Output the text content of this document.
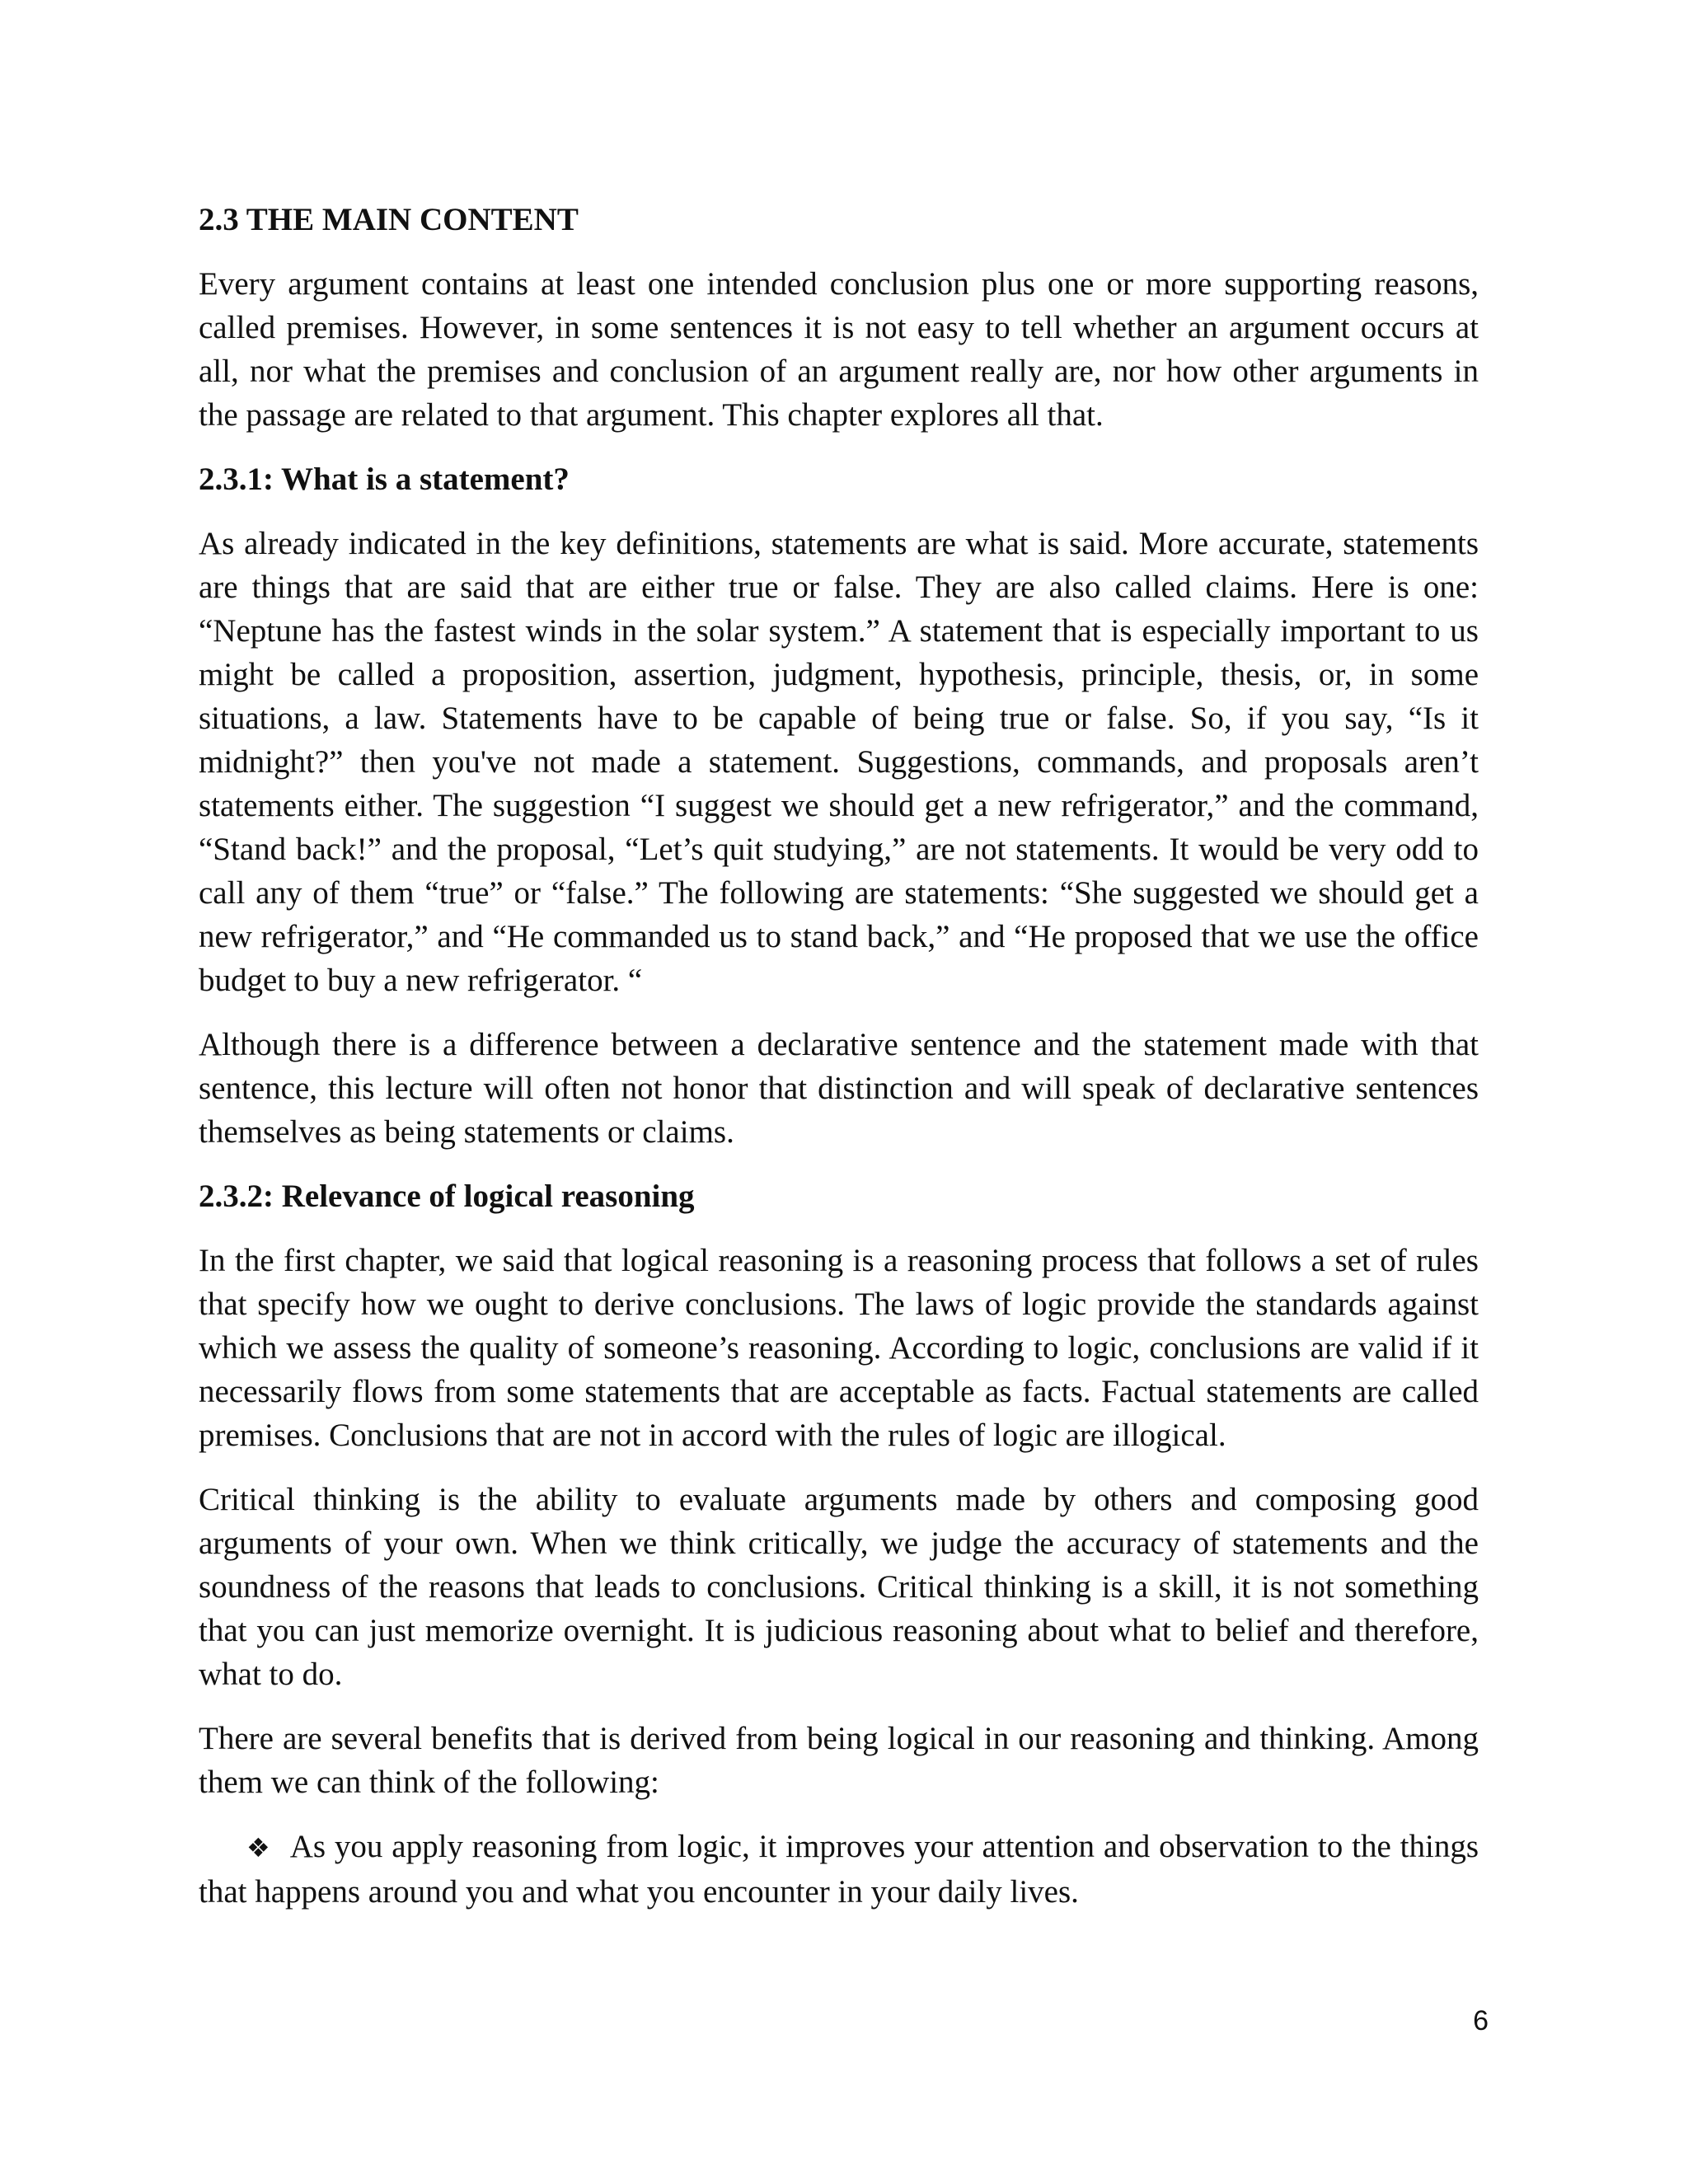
2.3 THE MAIN CONTENT

Every argument contains at least one intended conclusion plus one or more supporting reasons, called premises. However, in some sentences it is not easy to tell whether an argument occurs at all, nor what the premises and conclusion of an argument really are, nor how other arguments in the passage are related to that argument. This chapter explores all that.

2.3.1: What is a statement?

As already indicated in the key definitions, statements are what is said. More accurate, statements are things that are said that are either true or false. They are also called claims. Here is one: “Neptune has the fastest winds in the solar system.” A statement that is especially important to us might be called a proposition, assertion, judgment, hypothesis, principle, thesis, or, in some situations, a law. Statements have to be capable of being true or false. So, if you say, “Is it midnight?” then you've not made a statement. Suggestions, commands, and proposals aren’t statements either. The suggestion “I suggest we should get a new refrigerator,” and the command, “Stand back!” and the proposal, “Let’s quit studying,” are not statements. It would be very odd to call any of them “true” or “false.” The following are statements: “She suggested we should get a new refrigerator,” and “He commanded us to stand back,” and “He proposed that we use the office budget to buy a new refrigerator. “

Although there is a difference between a declarative sentence and the statement made with that sentence, this lecture will often not honor that distinction and will speak of declarative sentences themselves as being statements or claims.

2.3.2: Relevance of logical reasoning

In the first chapter, we said that logical reasoning is a reasoning process that follows a set of rules that specify how we ought to derive conclusions. The laws of logic provide the standards against which we assess the quality of someone’s reasoning. According to logic, conclusions are valid if it necessarily flows from some statements that are acceptable as facts. Factual statements are called premises. Conclusions that are not in accord with the rules of logic are illogical.

Critical thinking is the ability to evaluate arguments made by others and composing good arguments of your own. When we think critically, we judge the accuracy of statements and the soundness of the reasons that leads to conclusions. Critical thinking is a skill, it is not something that you can just memorize overnight. It is judicious reasoning about what to belief and therefore, what to do.

There are several benefits that is derived from being logical in our reasoning and thinking. Among them we can think of the following:

❖ As you apply reasoning from logic, it improves your attention and observation to the things that happens around you and what you encounter in your daily lives.

6
